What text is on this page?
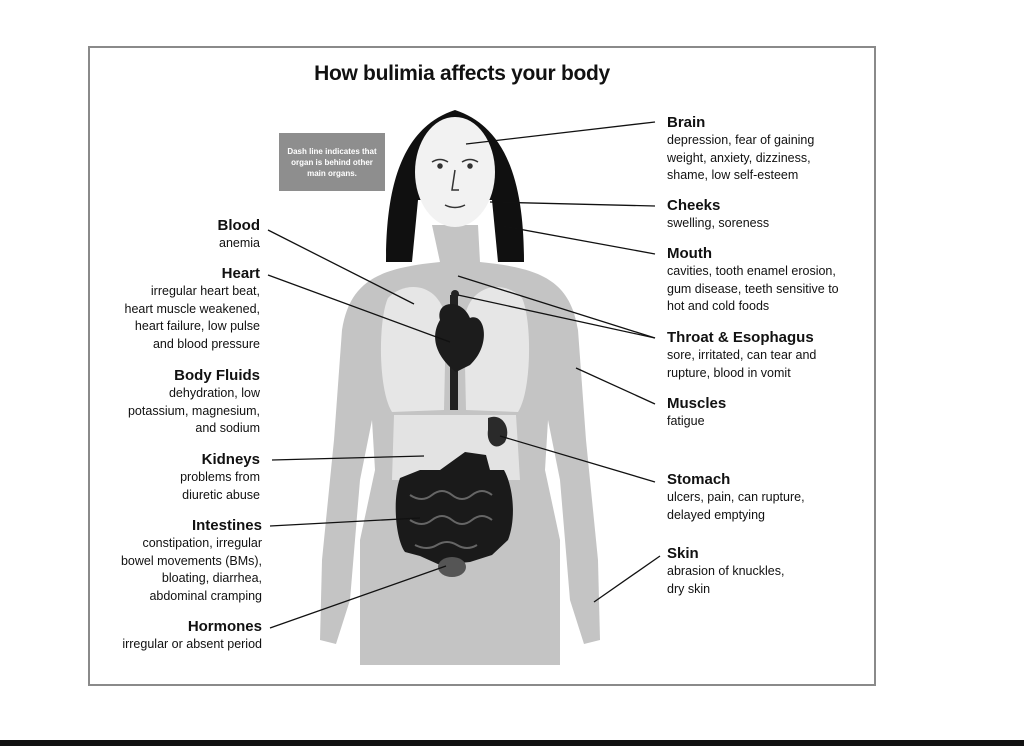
How bulimia affects your body
Dash line indicates that organ is behind other main organs.
Blood
anemia
Heart
irregular heart beat,
heart muscle weakened,
heart failure, low pulse
and blood pressure
Body Fluids
dehydration, low
potassium, magnesium,
and sodium
Kidneys
problems from
diuretic abuse
Intestines
constipation, irregular
bowel movements (BMs),
bloating, diarrhea,
abdominal cramping
Hormones
irregular or absent period
Brain
depression, fear of gaining
weight, anxiety, dizziness,
shame, low self-esteem
Cheeks
swelling, soreness
Mouth
cavities, tooth enamel erosion,
gum disease, teeth sensitive to
hot and cold foods
Throat & Esophagus
sore, irritated, can tear and
rupture, blood in vomit
Muscles
fatigue
Stomach
ulcers, pain, can rupture,
delayed emptying
Skin
abrasion of knuckles,
dry skin
